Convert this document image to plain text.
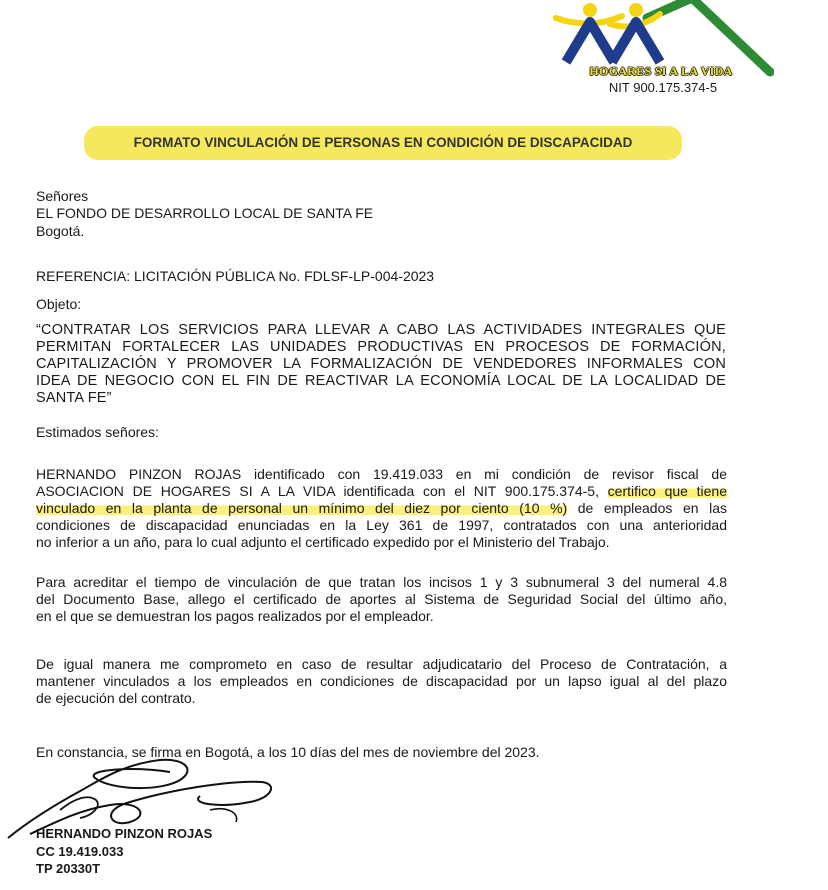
HOGARES SI A LA VIDA
NIT 900.175.374-5
FORMATO VINCULACIÓN DE PERSONAS EN CONDICIÓN DE DISCAPACIDAD
Señores
EL FONDO DE DESARROLLO LOCAL DE SANTA FE
Bogotá.
REFERENCIA: LICITACIÓN PÚBLICA No. FDLSF-LP-004-2023
Objeto:
“CONTRATAR LOS SERVICIOS PARA LLEVAR A CABO LAS ACTIVIDADES INTEGRALES QUE
PERMITAN FORTALECER LAS UNIDADES PRODUCTIVAS EN PROCESOS DE FORMACIÓN,
CAPITALIZACIÓN Y PROMOVER LA FORMALIZACIÓN DE VENDEDORES INFORMALES CON
IDEA DE NEGOCIO CON EL FIN DE REACTIVAR LA ECONOMÍA LOCAL DE LA LOCALIDAD DE
SANTA FE”
Estimados señores:
HERNANDO PINZON ROJAS identificado con 19.419.033 en mi condición de revisor fiscal de
ASOCIACION DE HOGARES SI A LA VIDA identificada con el NIT 900.175.374-5, certifico que tiene
vinculado en la planta de personal un mínimo del diez por ciento (10 %) de empleados en las
condiciones de discapacidad enunciadas en la Ley 361 de 1997, contratados con una anterioridad
no inferior a un año, para lo cual adjunto el certificado expedido por el Ministerio del Trabajo.
Para acreditar el tiempo de vinculación de que tratan los incisos 1 y 3 subnumeral 3 del numeral 4.8
del Documento Base, allego el certificado de aportes al Sistema de Seguridad Social del último año,
en el que se demuestran los pagos realizados por el empleador.
De igual manera me comprometo en caso de resultar adjudicatario del Proceso de Contratación, a
mantener vinculados a los empleados en condiciones de discapacidad por un lapso igual al del plazo
de ejecución del contrato.
En constancia, se firma en Bogotá, a los 10 días del mes de noviembre del 2023.
HERNANDO PINZON ROJAS
CC 19.419.033
TP 20330T
